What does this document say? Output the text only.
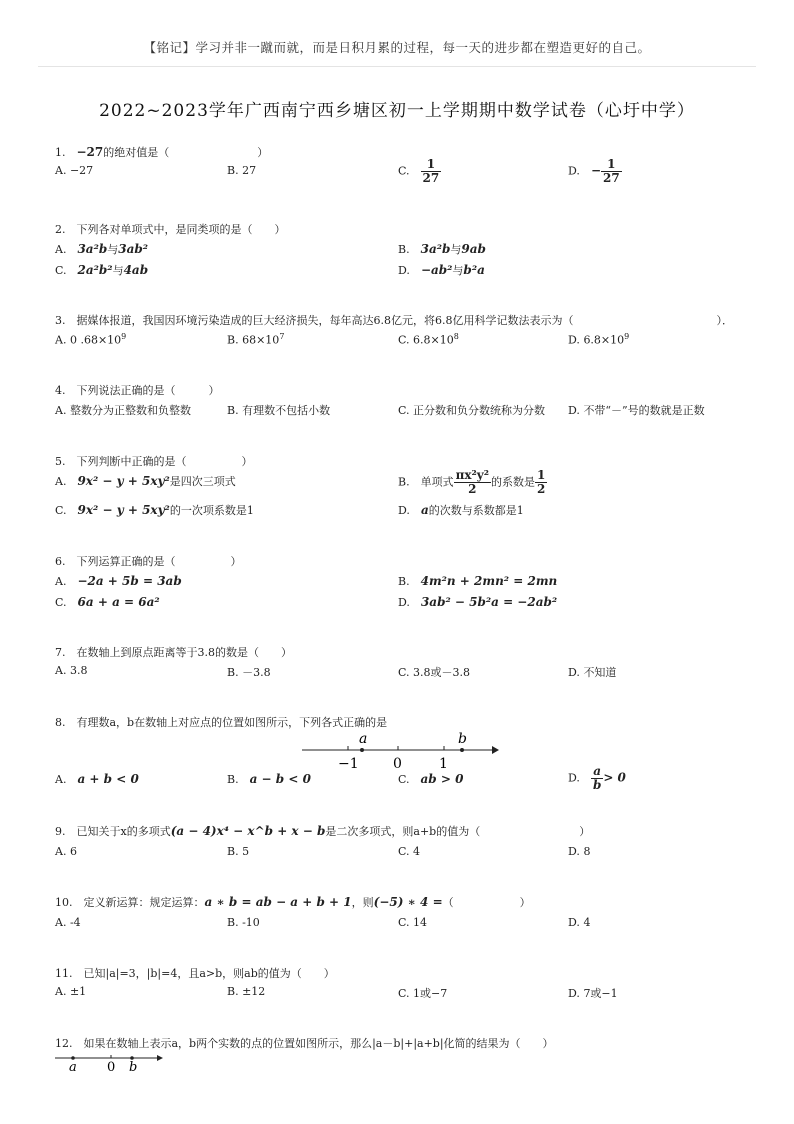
【铭记】学习并非一蹴而就，而是日积月累的过程，每一天的进步都在塑造更好的自己。
2022~2023学年广西南宁西乡塘区初一上学期期中数学试卷（心圩中学）
1.　 −27的绝对值是（　　　　　　　　）
A. −27	B. 27	C.　 $\frac{1}{27}$	D.　 − $\frac{1}{27}$
2.　 下列各对单项式中，是同类项的是（　　）
A.　 3a²b与3ab²	B.　 3a²b与9ab
C.　 2a²b²与4ab	D.　 −ab²与b²a
3.　 据媒体报道，我国因环境污染造成的巨大经济损失，每年高达6.8亿元，将6.8亿用科学记数法表示为（　　　　　　　　　　　　　）．
A. 0 $.68\times 10^9$	B. $68\times 10^7$	C. $6.8\times 10^8$	D. $6.8\times 10^9$
4.　 下列说法正确的是（　　　）
A. 整数分为正整数和负整数	B. 有理数不包括小数	C. 正分数和负分数统称为分数 D. 不带“－”号的数就是正数
5.　 下列判断中正确的是（　　　　　）
A.　 9x² − y + 5xy²是四次三项式	B.　 单项式 $\frac{\text{πx²y²}}{2}$ 的系数是 $\frac{1}{2}$
C.　 9x² − y + 5xy²的一次项系数是1	D.　 a的次数与系数都是1
6.　 下列运算正确的是（　　　　　）
A.　 −2a + 5b = 3ab	B.　 4m²n + 2mn² = 2mn
C.　 6a + a = 6a²	D.　 3ab² − 5b²a = −2ab²
7.　 在数轴上到原点距离等于3.8的数是（　　）
A. 3.8	B. －3.8	C. 3.8或－3.8	D. 不知道
8.　 有理数a，b在数轴上对应点的位置如图所示，下列各式正确的是
a	b
−1 0	1
A.　 a + b < 0	B.　 a − b < 0	C.　 ab > 0	D.　 $\frac{a}{b} > 0$
9.　 已知关于x的多项式(a − 4)x⁴ − x^b + x − b是二次多项式，则a+b的值为（　　　　　　　　　）
A. 6	B. 5	C. 4	D. 8
10.　 定义新运算：规定运算：a ∗ b = ab − a + b + 1，则(−5) ∗ 4 =（　　　　　　）
A. -4	B. -10	C. 14	D. 4
11.　 已知|a|=3，|b|=4，且a>b，则ab的值为（　　）
A. ±1	B. ±12	C. 1或−7	D. 7或−1
12.　 如果在数轴上表示a，b两个实数的点的位置如图所示，那么|a－b|+|a+b|化简的结果为（　　）
a 0 b
